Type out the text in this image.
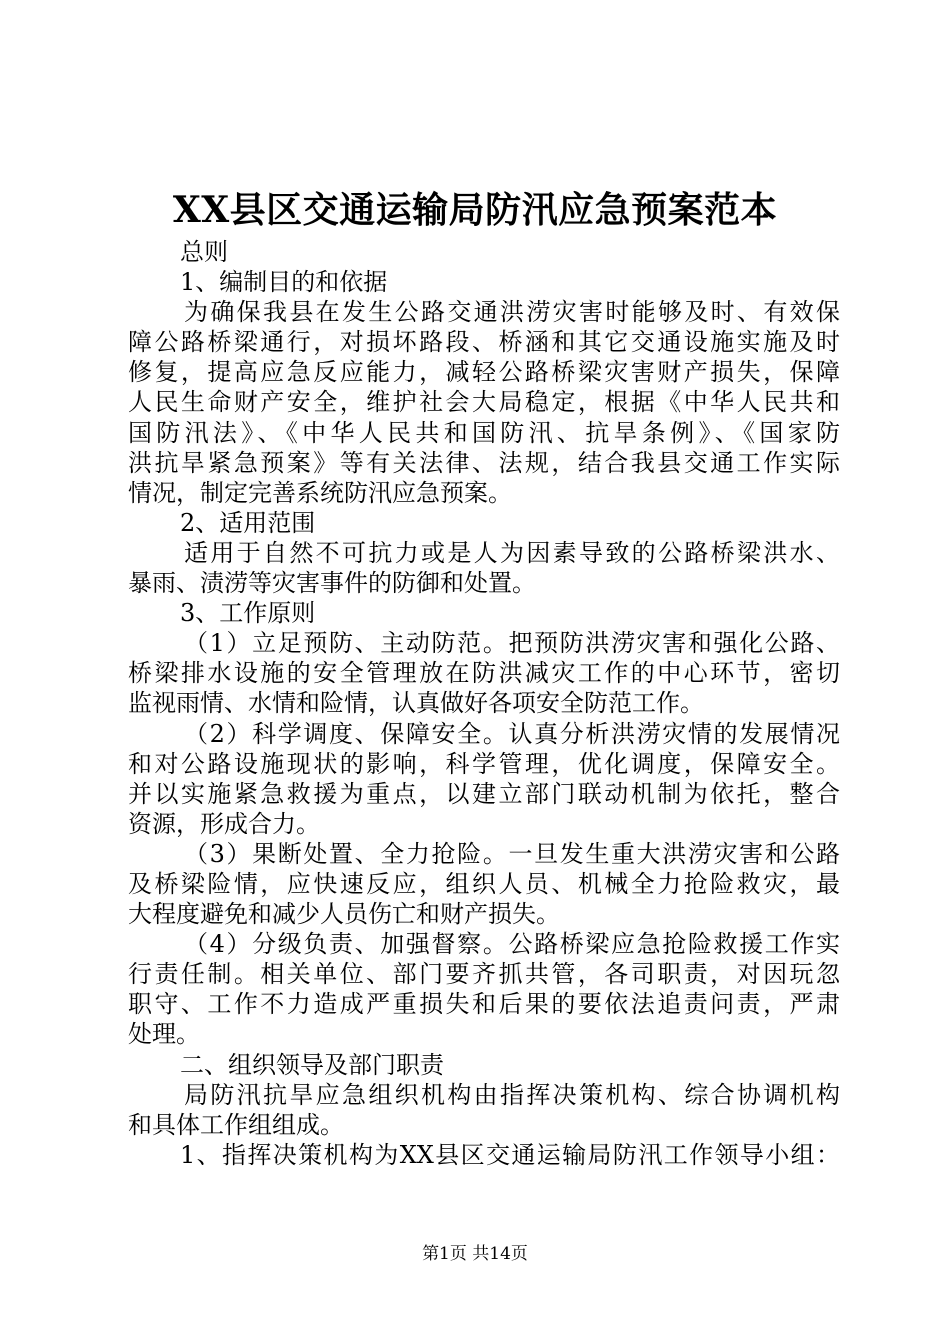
XX县区交通运输局防汛应急预案范本
总则
1、编制目的和依据
为确保我县在发生公路交通洪涝灾害时能够及时、有效保
障公路桥梁通行，对损坏路段、桥涵和其它交通设施实施及时
修复，提高应急反应能力，减轻公路桥梁灾害财产损失，保障
人民生命财产安全，维护社会大局稳定，根据《中华人民共和
国防汛法》、《中华人民共和国防汛、抗旱条例》、《国家防
洪抗旱紧急预案》等有关法律、法规，结合我县交通工作实际
情况，制定完善系统防汛应急预案。
2、适用范围
适用于自然不可抗力或是人为因素导致的公路桥梁洪水、
暴雨、渍涝等灾害事件的防御和处置。
3、工作原则
（1）立足预防、主动防范。把预防洪涝灾害和强化公路、
桥梁排水设施的安全管理放在防洪减灾工作的中心环节，密切
监视雨情、水情和险情，认真做好各项安全防范工作。
（2）科学调度、保障安全。认真分析洪涝灾情的发展情况
和对公路设施现状的影响，科学管理，优化调度，保障安全。
并以实施紧急救援为重点，以建立部门联动机制为依托，整合
资源，形成合力。
（3）果断处置、全力抢险。一旦发生重大洪涝灾害和公路
及桥梁险情，应快速反应，组织人员、机械全力抢险救灾，最
大程度避免和减少人员伤亡和财产损失。
（4）分级负责、加强督察。公路桥梁应急抢险救援工作实
行责任制。相关单位、部门要齐抓共管，各司职责，对因玩忽
职守、工作不力造成严重损失和后果的要依法追责问责，严肃
处理。
二、组织领导及部门职责
局防汛抗旱应急组织机构由指挥决策机构、综合协调机构
和具体工作组组成。
1、指挥决策机构为XX县区交通运输局防汛工作领导小组：
第1页 共14页
